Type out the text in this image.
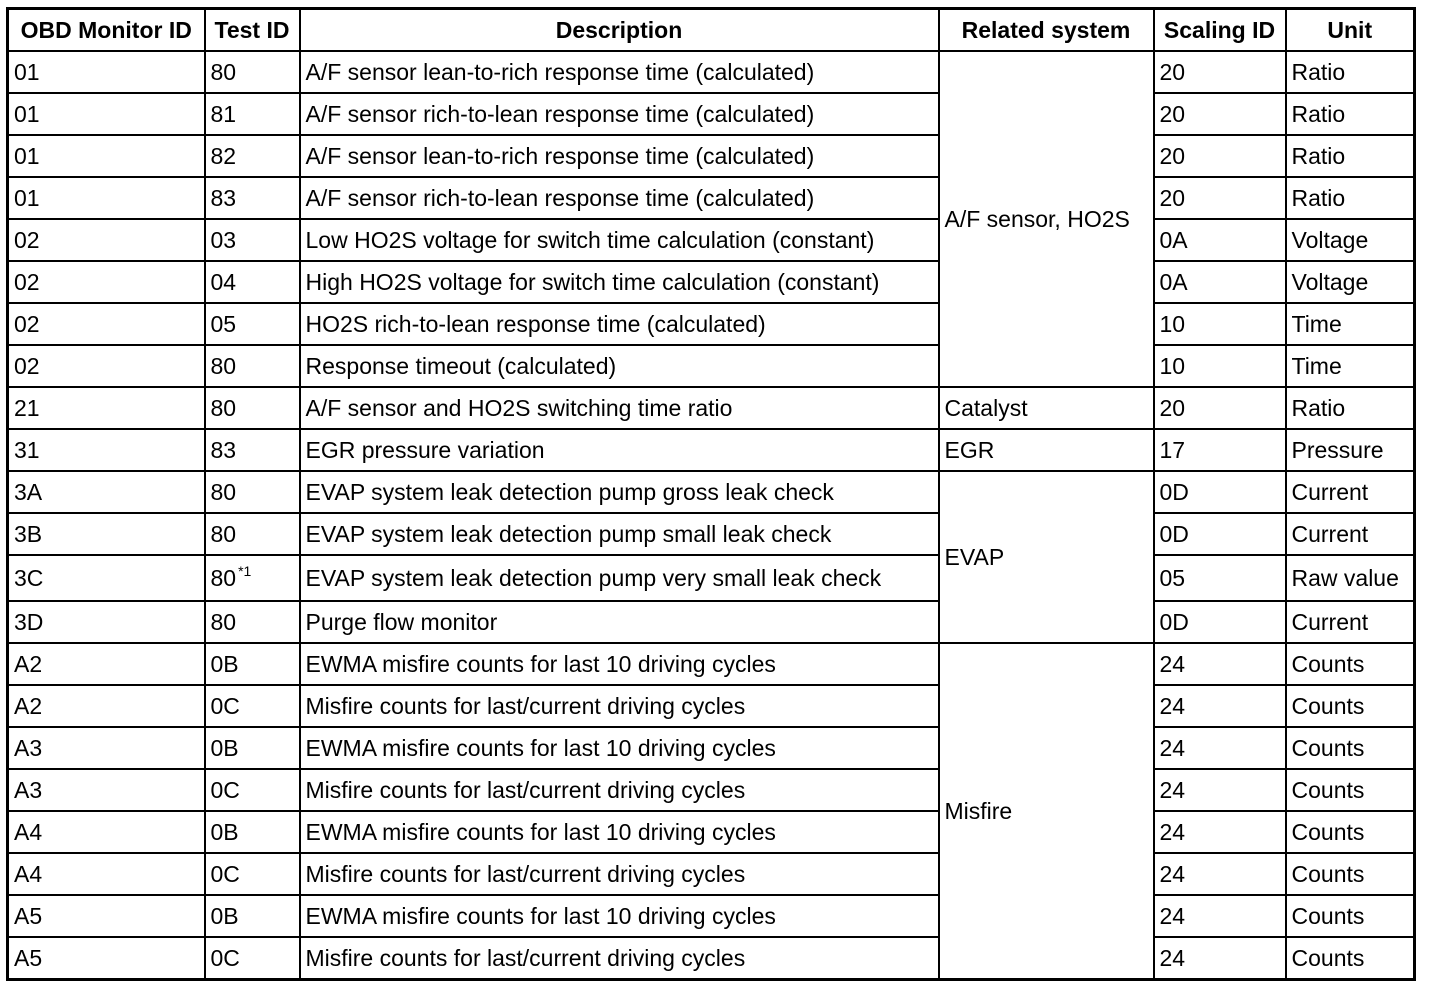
OBD Monitor ID	Test ID	Description	Related system	Scaling ID	Unit
01	80	A/F sensor lean-to-rich response time (calculated)	A/F sensor, HO2S	20	Ratio
01	81	A/F sensor rich-to-lean response time (calculated)		20	Ratio
01	82	A/F sensor lean-to-rich response time (calculated)		20	Ratio
01	83	A/F sensor rich-to-lean response time (calculated)		20	Ratio
02	03	Low HO2S voltage for switch time calculation (constant)		0A	Voltage
02	04	High HO2S voltage for switch time calculation (constant)		0A	Voltage
02	05	HO2S rich-to-lean response time (calculated)		10	Time
02	80	Response timeout (calculated)		10	Time
21	80	A/F sensor and HO2S switching time ratio	Catalyst	20	Ratio
31	83	EGR pressure variation	EGR	17	Pressure
3A	80	EVAP system leak detection pump gross leak check	EVAP	0D	Current
3B	80	EVAP system leak detection pump small leak check		0D	Current
3C	80 $^{*1}$	EVAP system leak detection pump very small leak check		05	Raw value
3D	80	Purge flow monitor		0D	Current
A2	0B	EWMA misfire counts for last 10 driving cycles	Misfire	24	Counts
A2	0C	Misfire counts for last/current driving cycles		24	Counts
A3	0B	EWMA misfire counts for last 10 driving cycles		24	Counts
A3	0C	Misfire counts for last/current driving cycles		24	Counts
A4	0B	EWMA misfire counts for last 10 driving cycles		24	Counts
A4	0C	Misfire counts for last/current driving cycles		24	Counts
A5	0B	EWMA misfire counts for last 10 driving cycles		24	Counts
A5	0C	Misfire counts for last/current driving cycles		24	Counts
